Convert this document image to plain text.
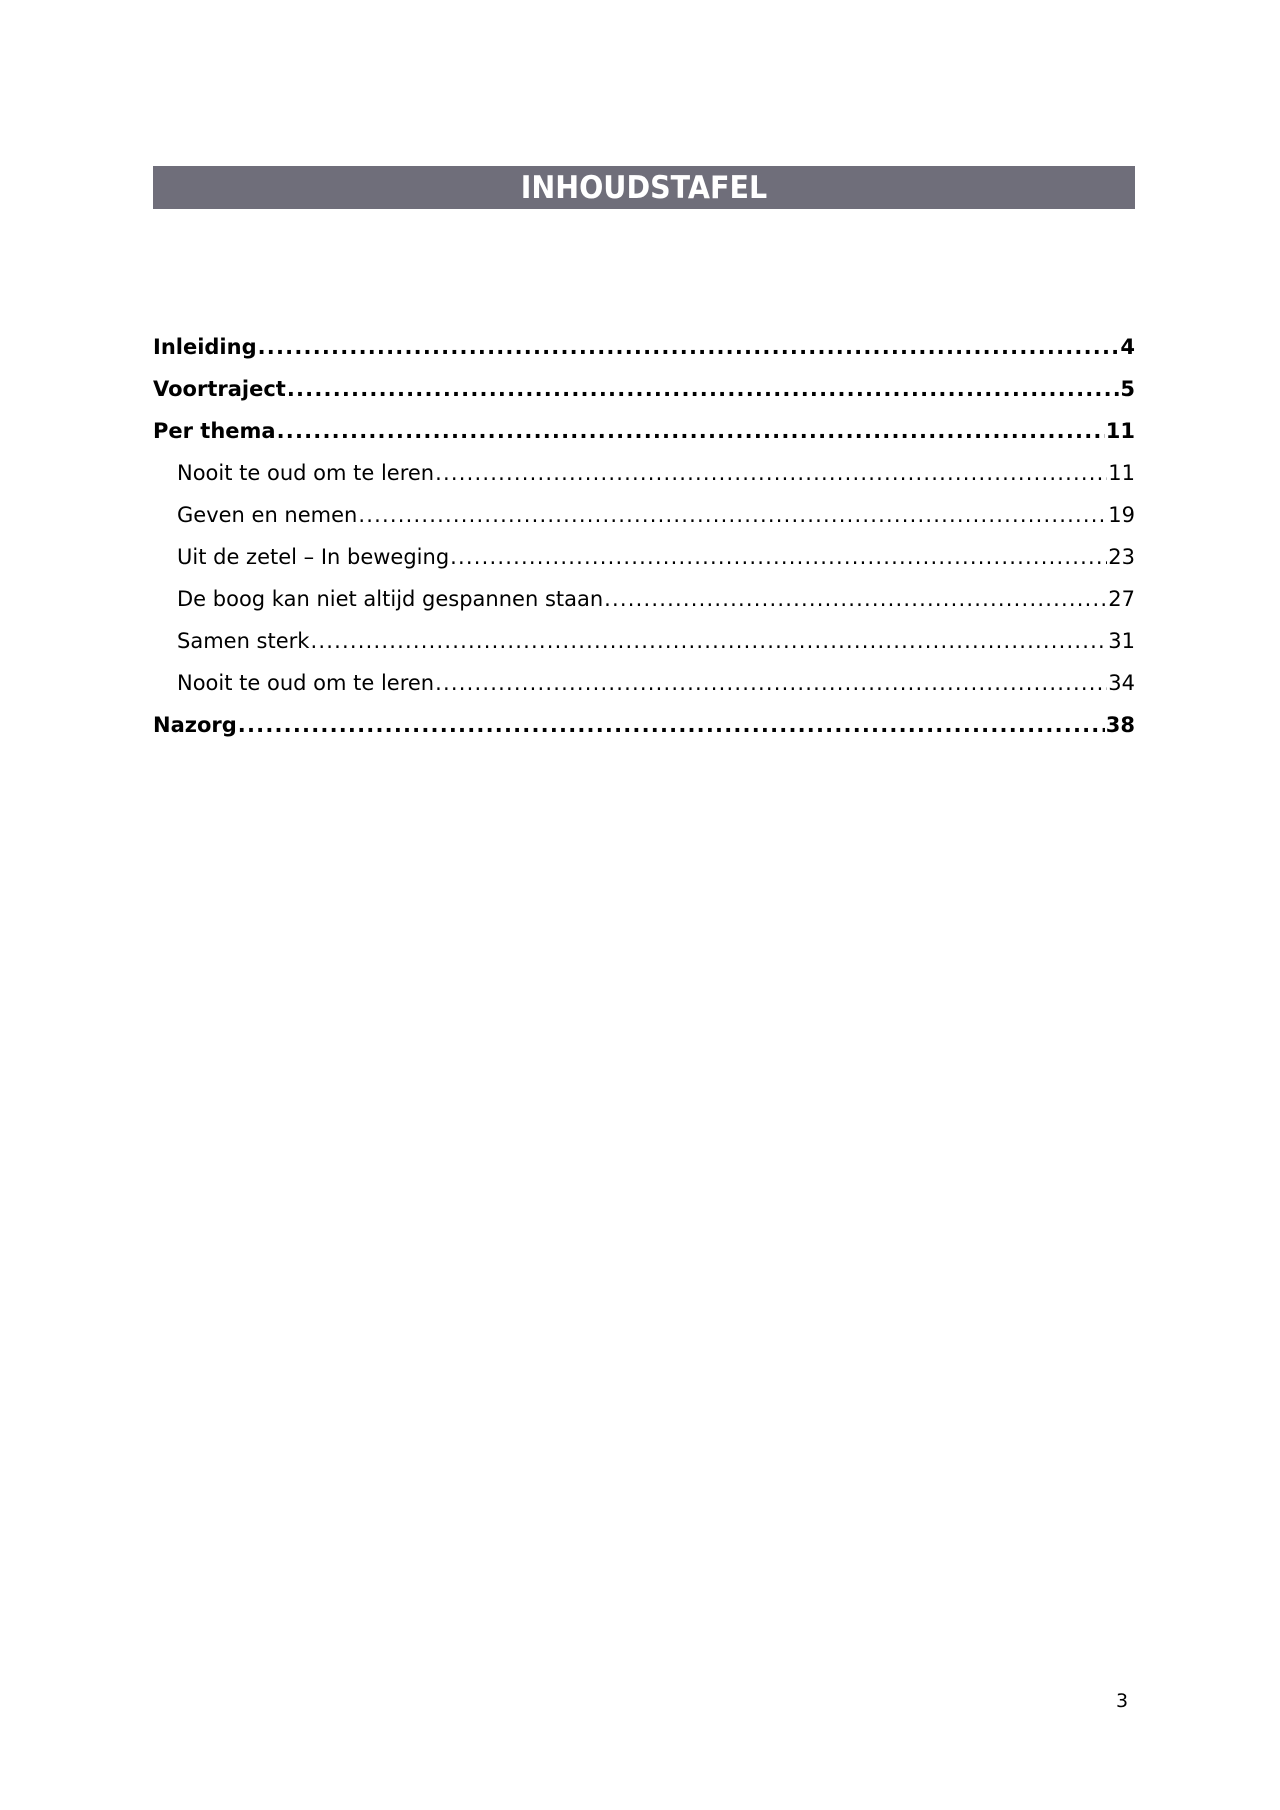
INHOUDSTAFEL
Inleiding .....	4
Voortraject .....	5
Per thema .....	11
Nooit te oud om te leren .....	11
Geven en nemen .....	19
Uit de zetel – In beweging .....	23
De boog kan niet altijd gespannen staan .....	27
Samen sterk .....	31
Nooit te oud om te leren .....	34
Nazorg .....	38
3
